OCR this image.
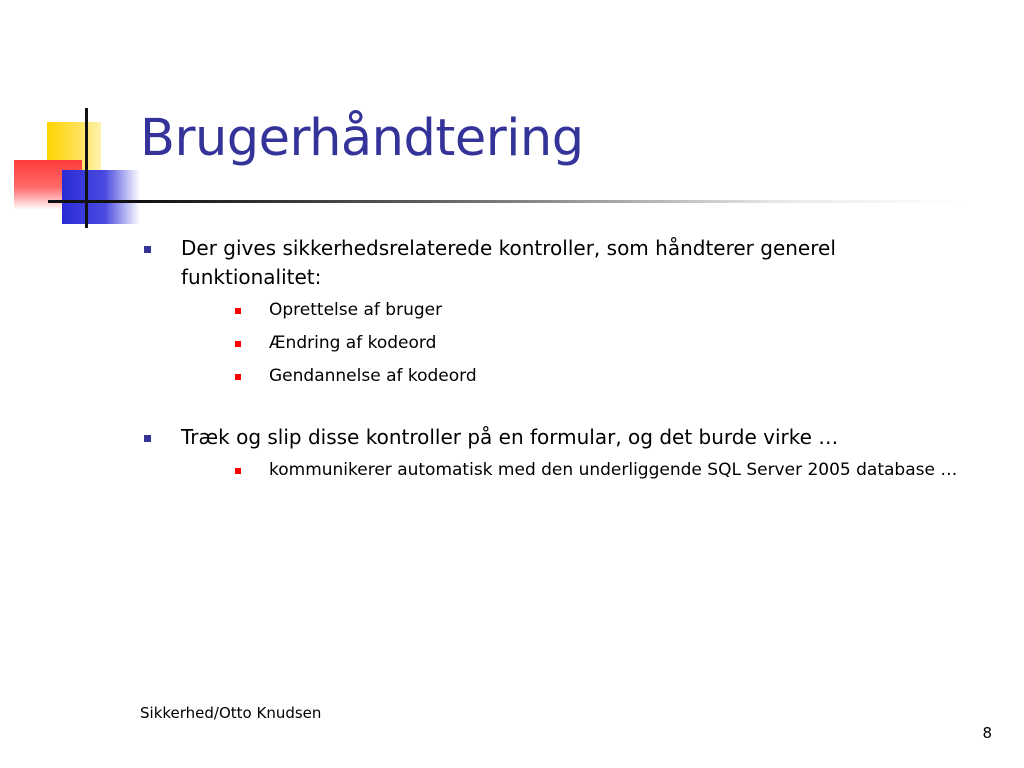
Brugerhåndtering
Der gives sikkerhedsrelaterede kontroller, som håndterer generel funktionalitet:
Oprettelse af bruger
Ændring af kodeord
Gendannelse af kodeord
Træk og slip disse kontroller på en formular, og det burde virke …
kommunikerer automatisk med den underliggende SQL Server 2005 database …
Sikkerhed/Otto Knudsen
8
